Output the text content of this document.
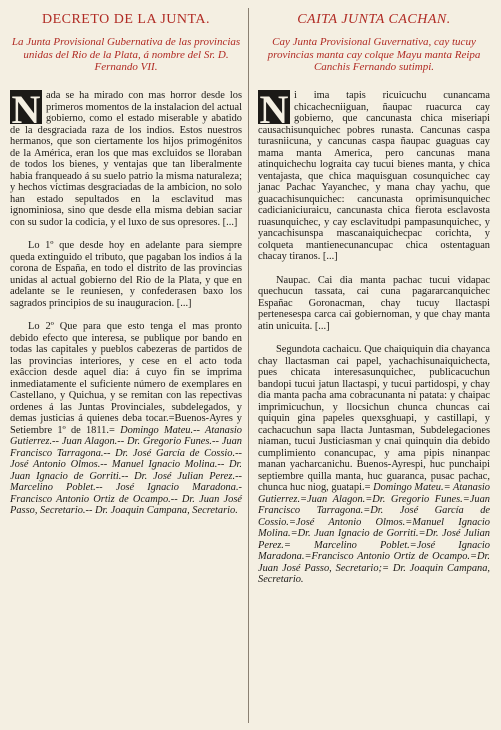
DECRETO DE LA JUNTA.
La Junta Provisional Gubernativa de las provincias unidas del Rio de la Plata, á nombre del Sr. D. Fernando VII.

N ada se ha mirado con mas horror desde los primeros momentos de la instalacion del actual gobierno, como el estado miserable y abatido de la desgraciada raza de los indios. Estos nuestros hermanos, que son ciertamente los hijos primogénitos de la América, eran los que mas excluidos se lloraban de todos los bienes, y ventajas que tan liberalmente habia franqueado á su suelo patrio la misma naturaleza; y hechos víctimas desgraciadas de la ambicion, no solo han estado sepultados en la esclavitud mas ignominiosa, sino que desde ella misma debian saciar con su sudor la codicia, y el luxo de sus opresores. [...]

Lo 1º que desde hoy en adelante para siempre queda extinguido el tributo, que pagaban los indios á la corona de España, en todo el distrito de las provincias unidas al actual gobierno del Rio de la Plata, y que en adelante se le reuniesen, y confederasen baxo los sagrados principios de su inauguracion. [...]

Lo 2º Que para que esto tenga el mas pronto debido efecto que interesa, se publique por bando en todas las capitales y pueblos cabezeras de partidos de las provincias interiores, y cese en el acto toda exâccion desde aquel dia: á cuyo fin se imprima inmediatamente el suficiente número de exemplares en Castellano, y Quichua, y se remitan con las repectivas ordenes á las Juntas Provinciales, subdelegados, y demas justicias á quienes deba tocar.=Buenos-Ayres y Setiembre 1º de 1811.= Domingo Mateu.-- Atanasio Gutierrez.-- Juan Alagon.-- Dr. Gregorio Funes.-- Juan Francisco Tarragona.-- Dr. José García de Cossio.-- José Antonio Olmos.-- Manuel Ignacio Molina.-- Dr. Juan Ignacio de Gorriti.-- Dr. José Julian Perez.-- Marcelino Poblet.-- José Ignacio Maradona.- Francisco Antonio Ortiz de Ocampo.-- Dr. Juan José Passo, Secretario.-- Dr. Joaquin Campana, Secretario.

CAITA JUNTA CACHAN.
Cay Junta Provisional Guvernativa, cay tucuy provincias manta cay colque Mayu manta Reipa Canchis Fernando sutimpi.

N i ima tapis ricuicuchu cunancama chicachecniiguan, ñaupac ruacurca cay gobierno, que cancunasta chica miseriapi causachisunquichec pobres runasta. Cancunas caspa turasniicuna, y cancunas caspa ñaupac guaguas cay mama manta America, pero cancunas mana atinquichechu lograita cay tucui bienes manta, y chica ventajasta, que chica maquisguan cosunquichec cay janac Pachac Yayanchec, y mana chay yachu, que guacachisunquichec: cancunasta oprimisunquichec cadicianiciuraicu, cancunasta chica fierota esclavosta ruasunquichec, y cay esclavitudpi pampasunquichec, y yancachisunspa mascanaiquichecpac corichta, y colqueta mantienecunancupac chica ostentaguan chacay tiranos. [...]

Naupac. Cai dia manta pachac tucui vidapac quechucun tassata, cai cuna pagararcanquichec Españac Goronacman, chay tucuy llactaspi pertenesespa carca cai gobiernoman, y que chay manta atin unicuita. [...]

Segundota cachaicu. Que chaiquiquin dia chayanca chay llactasman cai papel, yachachisunaiquichecta, pues chicata interesasunquichec, publicacuchun bandopi tucui jatun llactaspi, y tucui partidospi, y chay dia manta pacha ama cobracunanta ni patata: y chaipac imprimicuchun, y llocsichun chunca chuncas cai quiquin gina papeles quexsghuapi, y castillapi, y cachacuchun sapa llacta Juntasman, Subdelegaciones niaman, tucui Justiciasman y cnai quinquin dia debido cumplimiento conancupac, y ama pipis ninanpac manan yacharcanichu. Buenos-Ayrespi, huc punchaipi septiembre quilla manta, huc guaranca, pusac pachac, chunca huc niog, guatapi.= Domingo Mateu.= Atanasio Gutierrez.=Juan Alagon.=Dr. Gregorio Funes.=Juan Francisco Tarragona.=Dr. José García de Cossio.=José Antonio Olmos.=Manuel Ignacio Molina.=Dr. Juan Ignacio de Gorriti.=Dr. José Julian Perez.= Marcelino Poblet.=José Ignacio Maradona.=Francisco Antonio Ortiz de Ocampo.=Dr. Juan José Passo, Secretario;= Dr. Joaquin Campana, Secretario.
